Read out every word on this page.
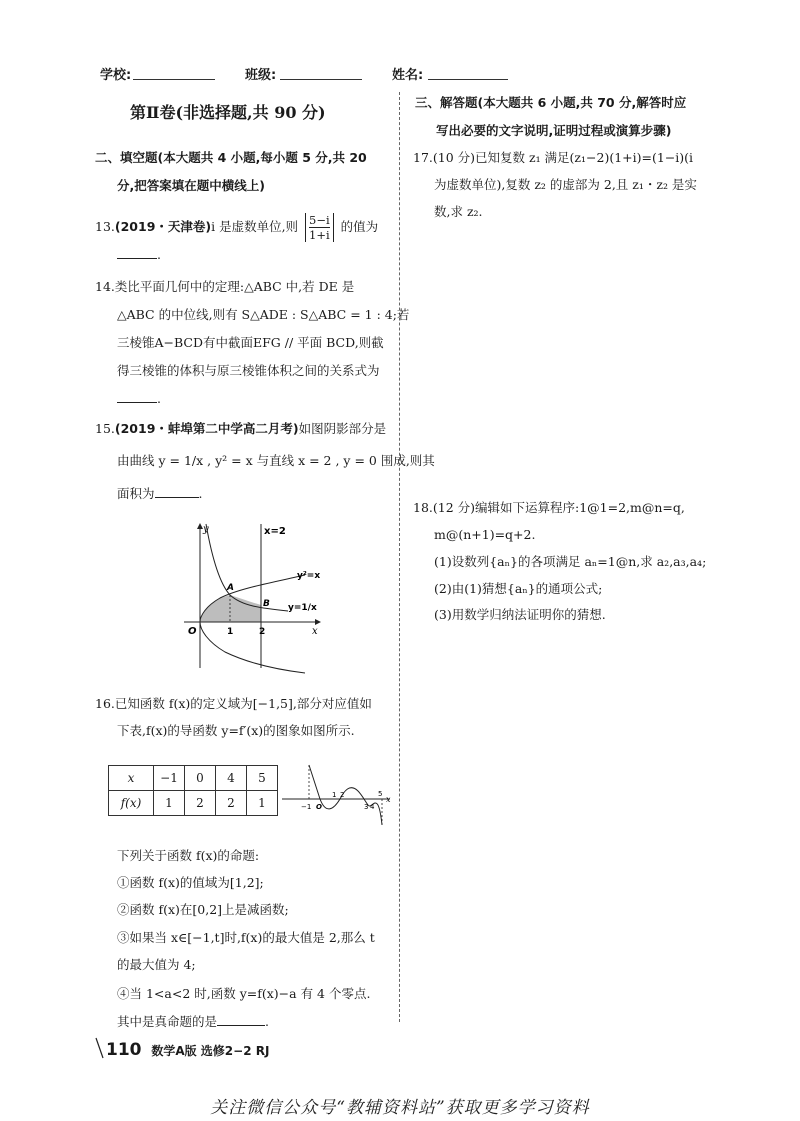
学校:	班级:	姓名:
第Ⅱ卷(非选择题,共 90 分)
二、填空题(本大题共 4 小题,每小题 5 分,共 20
分,把答案填在题中横线上)
13.(2019・天津卷)i 是虚数单位,则 $\frac{5-i}{1+i}$ 的值为
.
14.类比平面几何中的定理:△ABC 中,若 DE 是
△ABC 的中位线,则有 S△ADE : S△ABC = 1 : 4;若
三棱锥A−BCD有中截面EFG // 平面 BCD,则截
得三棱锥的体积与原三棱锥体积之间的关系式为
.
15.(2019・蚌埠第二中学高二月考)如图阴影部分是
由曲线 y = 1/x , y² = x 与直线 x = 2 , y = 0 围成,则其
面积为	.
y
x
x=2
y²=x
y=1/x
A
B
O	1	2
16.已知函数 f(x)的定义域为[−1,5],部分对应值如
下表,f(x)的导函数 y=f′(x)的图象如图所示.
x	−1	0	4	5
f(x)	1	2	2	1	x
−1 O
1 2
3 4
5
下列关于函数 f(x)的命题:
①函数 f(x)的值域为[1,2];
②函数 f(x)在[0,2]上是减函数;
③如果当 x∈[−1,t]时,f(x)的最大值是 2,那么 t
的最大值为 4;
④当 1<a<2 时,函数 y=f(x)−a 有 4 个零点.
其中是真命题的是	.
三、解答题(本大题共 6 小题,共 70 分,解答时应
写出必要的文字说明,证明过程或演算步骤)
17.(10 分)已知复数 z₁ 满足(z₁−2)(1+i)=(1−i)(i
为虚数单位),复数 z₂ 的虚部为 2,且 z₁・z₂ 是实
数,求 z₂.
18.(12 分)编辑如下运算程序:1@1=2,m@n=q,
m@(n+1)=q+2.
(1)设数列{aₙ}的各项满足 aₙ=1@n,求 a₂,a₃,a₄;
(2)由(1)猜想{aₙ}的通项公式;
(3)用数学归纳法证明你的猜想.
110 数学A版 选修2−2 RJ
关注微信公众号“教辅资料站”获取更多学习资料
